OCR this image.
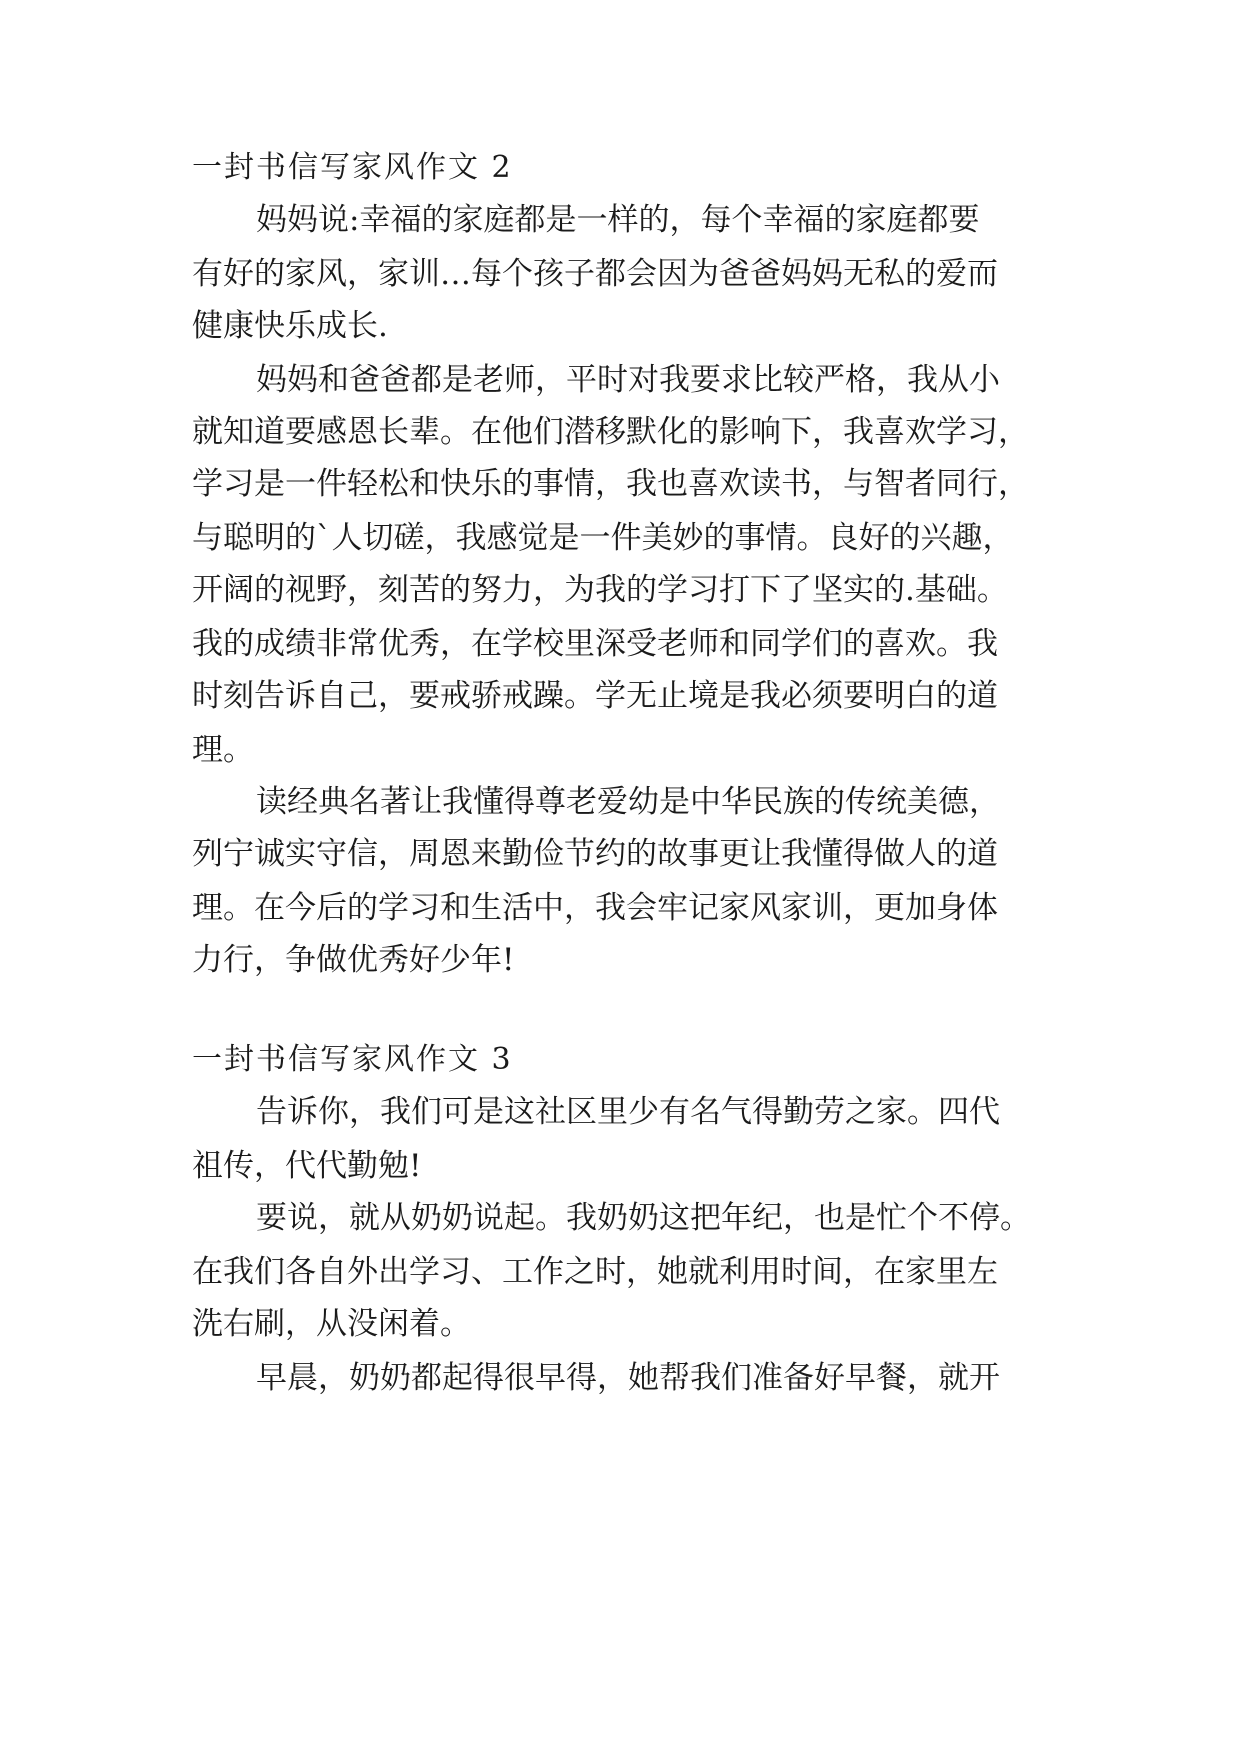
一封书信写家风作文 2
妈妈说:幸福的家庭都是一样的，每个幸福的家庭都要
有好的家风，家训…每个孩子都会因为爸爸妈妈无私的爱而
健康快乐成长.
妈妈和爸爸都是老师，平时对我要求比较严格，我从小
就知道要感恩长辈。在他们潜移默化的影响下，我喜欢学习，
学习是一件轻松和快乐的事情，我也喜欢读书，与智者同行，
与聪明的`人切磋，我感觉是一件美妙的事情。良好的兴趣，
开阔的视野，刻苦的努力，为我的学习打下了坚实的.基础。
我的成绩非常优秀，在学校里深受老师和同学们的喜欢。我
时刻告诉自己，要戒骄戒躁。学无止境是我必须要明白的道
理。
读经典名著让我懂得尊老爱幼是中华民族的传统美德，
列宁诚实守信，周恩来勤俭节约的故事更让我懂得做人的道
理。在今后的学习和生活中，我会牢记家风家训，更加身体
力行，争做优秀好少年!
一封书信写家风作文 3
告诉你，我们可是这社区里少有名气得勤劳之家。四代
祖传，代代勤勉!
要说，就从奶奶说起。我奶奶这把年纪，也是忙个不停。
在我们各自外出学习、工作之时，她就利用时间，在家里左
洗右刷，从没闲着。
早晨，奶奶都起得很早得，她帮我们准备好早餐，就开
